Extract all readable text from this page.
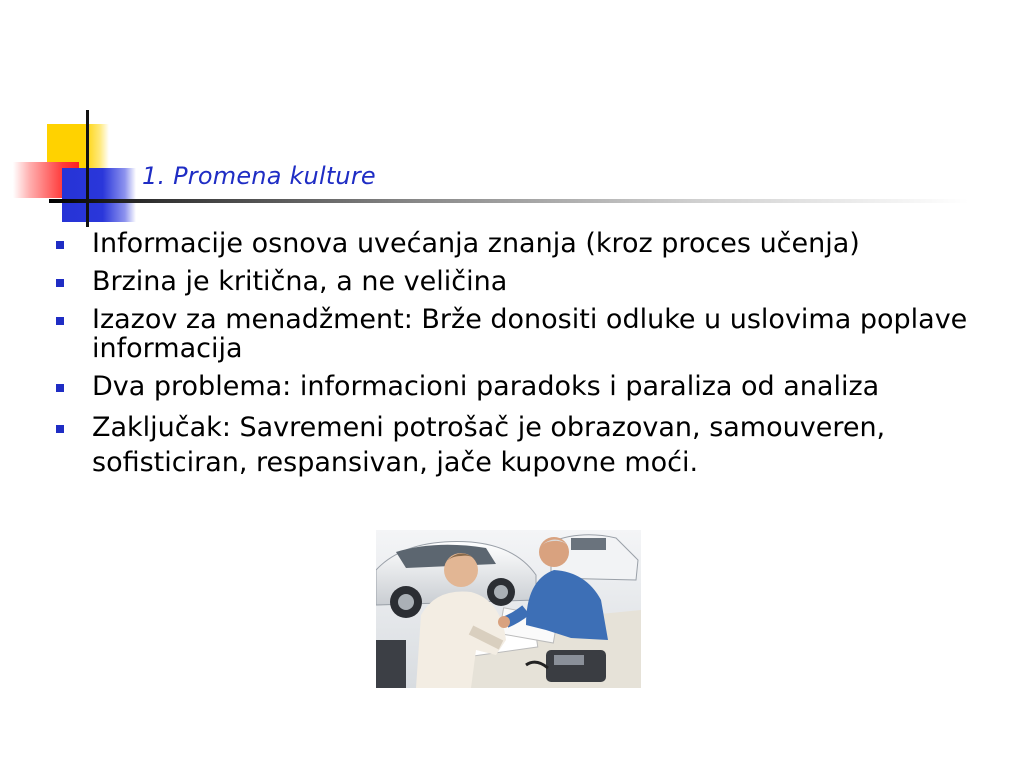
1. Promena kulture
Informacije osnova uvećanja znanja (kroz proces učenja)
Brzina je kritična, a ne veličina
Izazov za menadžment: Brže donositi odluke u uslovima poplave informacija
Dva problema: informacioni paradoks i paraliza od analiza
Zaključak: Savremeni potrošač je obrazovan, samouveren, sofisticiran, respansivan, jače kupovne moći.
